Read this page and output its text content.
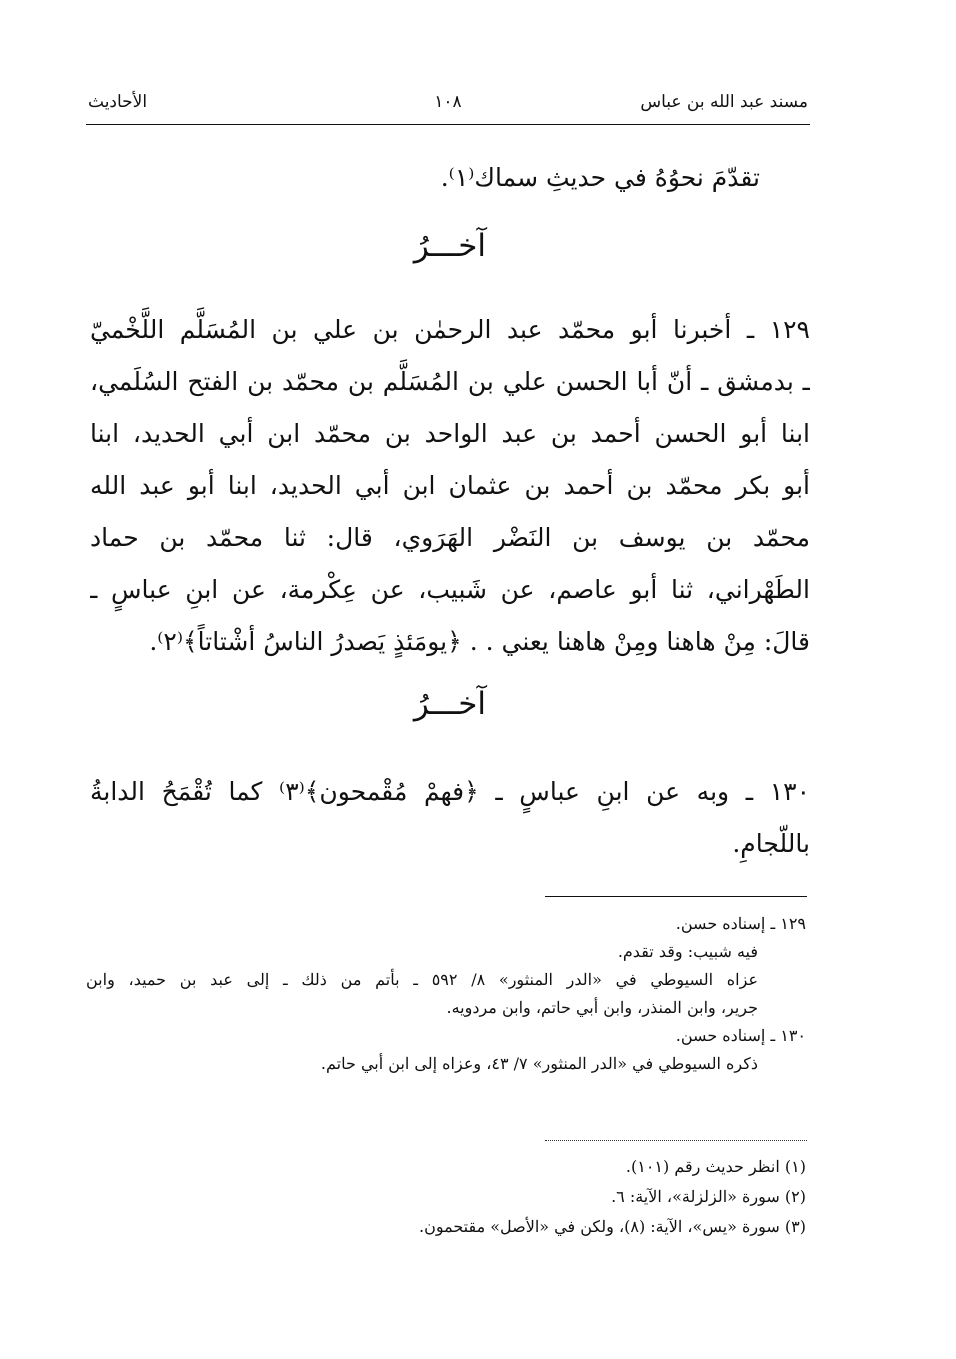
مسند عبد الله بن عباس
١٠٨
الأحاديث
تقدّمَ نحوُهُ في حديثِ سماك⁽١⁾.
آخـــرُ
١٢٩ ـ أخبرنا أبو محمّد عبد الرحمٰن بن علي بن المُسَلَّم اللَّخْميّ
ـ بدمشق ـ أنّ أبا الحسن علي بن المُسَلَّم بن محمّد بن الفتح السُلَمي،
ابنا أبو الحسن أحمد بن عبد الواحد بن محمّد ابن أبي الحديد، ابنا
أبو بكر محمّد بن أحمد بن عثمان ابن أبي الحديد، ابنا أبو عبد الله
محمّد بن يوسف بن النَضْر الهَرَوي، قال: ثنا محمّد بن حماد
الطَهْراني، ثنا أبو عاصم، عن شَبيب، عن عِكْرمة، عن ابنِ عباسٍ ـ
قالَ: مِنْ هاهنا ومِنْ هاهنا يعني . . ﴿يومَئذٍ يَصدرُ الناسُ أشْتاتاً﴾⁽٢⁾.
آخـــرُ
١٣٠ ـ وبه عن ابنِ عباسٍ ـ ﴿فهمْ مُقْمحون﴾⁽٣⁾ كما تُقْمَحُ الدابةُ
باللّجامِ.
١٢٩ ـ إسناده حسن.
فيه شبيب: وقد تقدم.
عزاه السيوطي في «الدر المنثور» ٨/ ٥٩٢ ـ بأتم من ذلك ـ إلى عبد بن حميد، وابن
جرير، وابن المنذر، وابن أبي حاتم، وابن مردويه.
١٣٠ ـ إسناده حسن.
ذكره السيوطي في «الدر المنثور» ٧/ ٤٣، وعزاه إلى ابن أبي حاتم.
(١) انظر حديث رقم (١٠١).
(٢) سورة «الزلزلة»، الآية: ٦.
(٣) سورة «يس»، الآية: (٨)، ولكن في «الأصل» مقتحمون.
